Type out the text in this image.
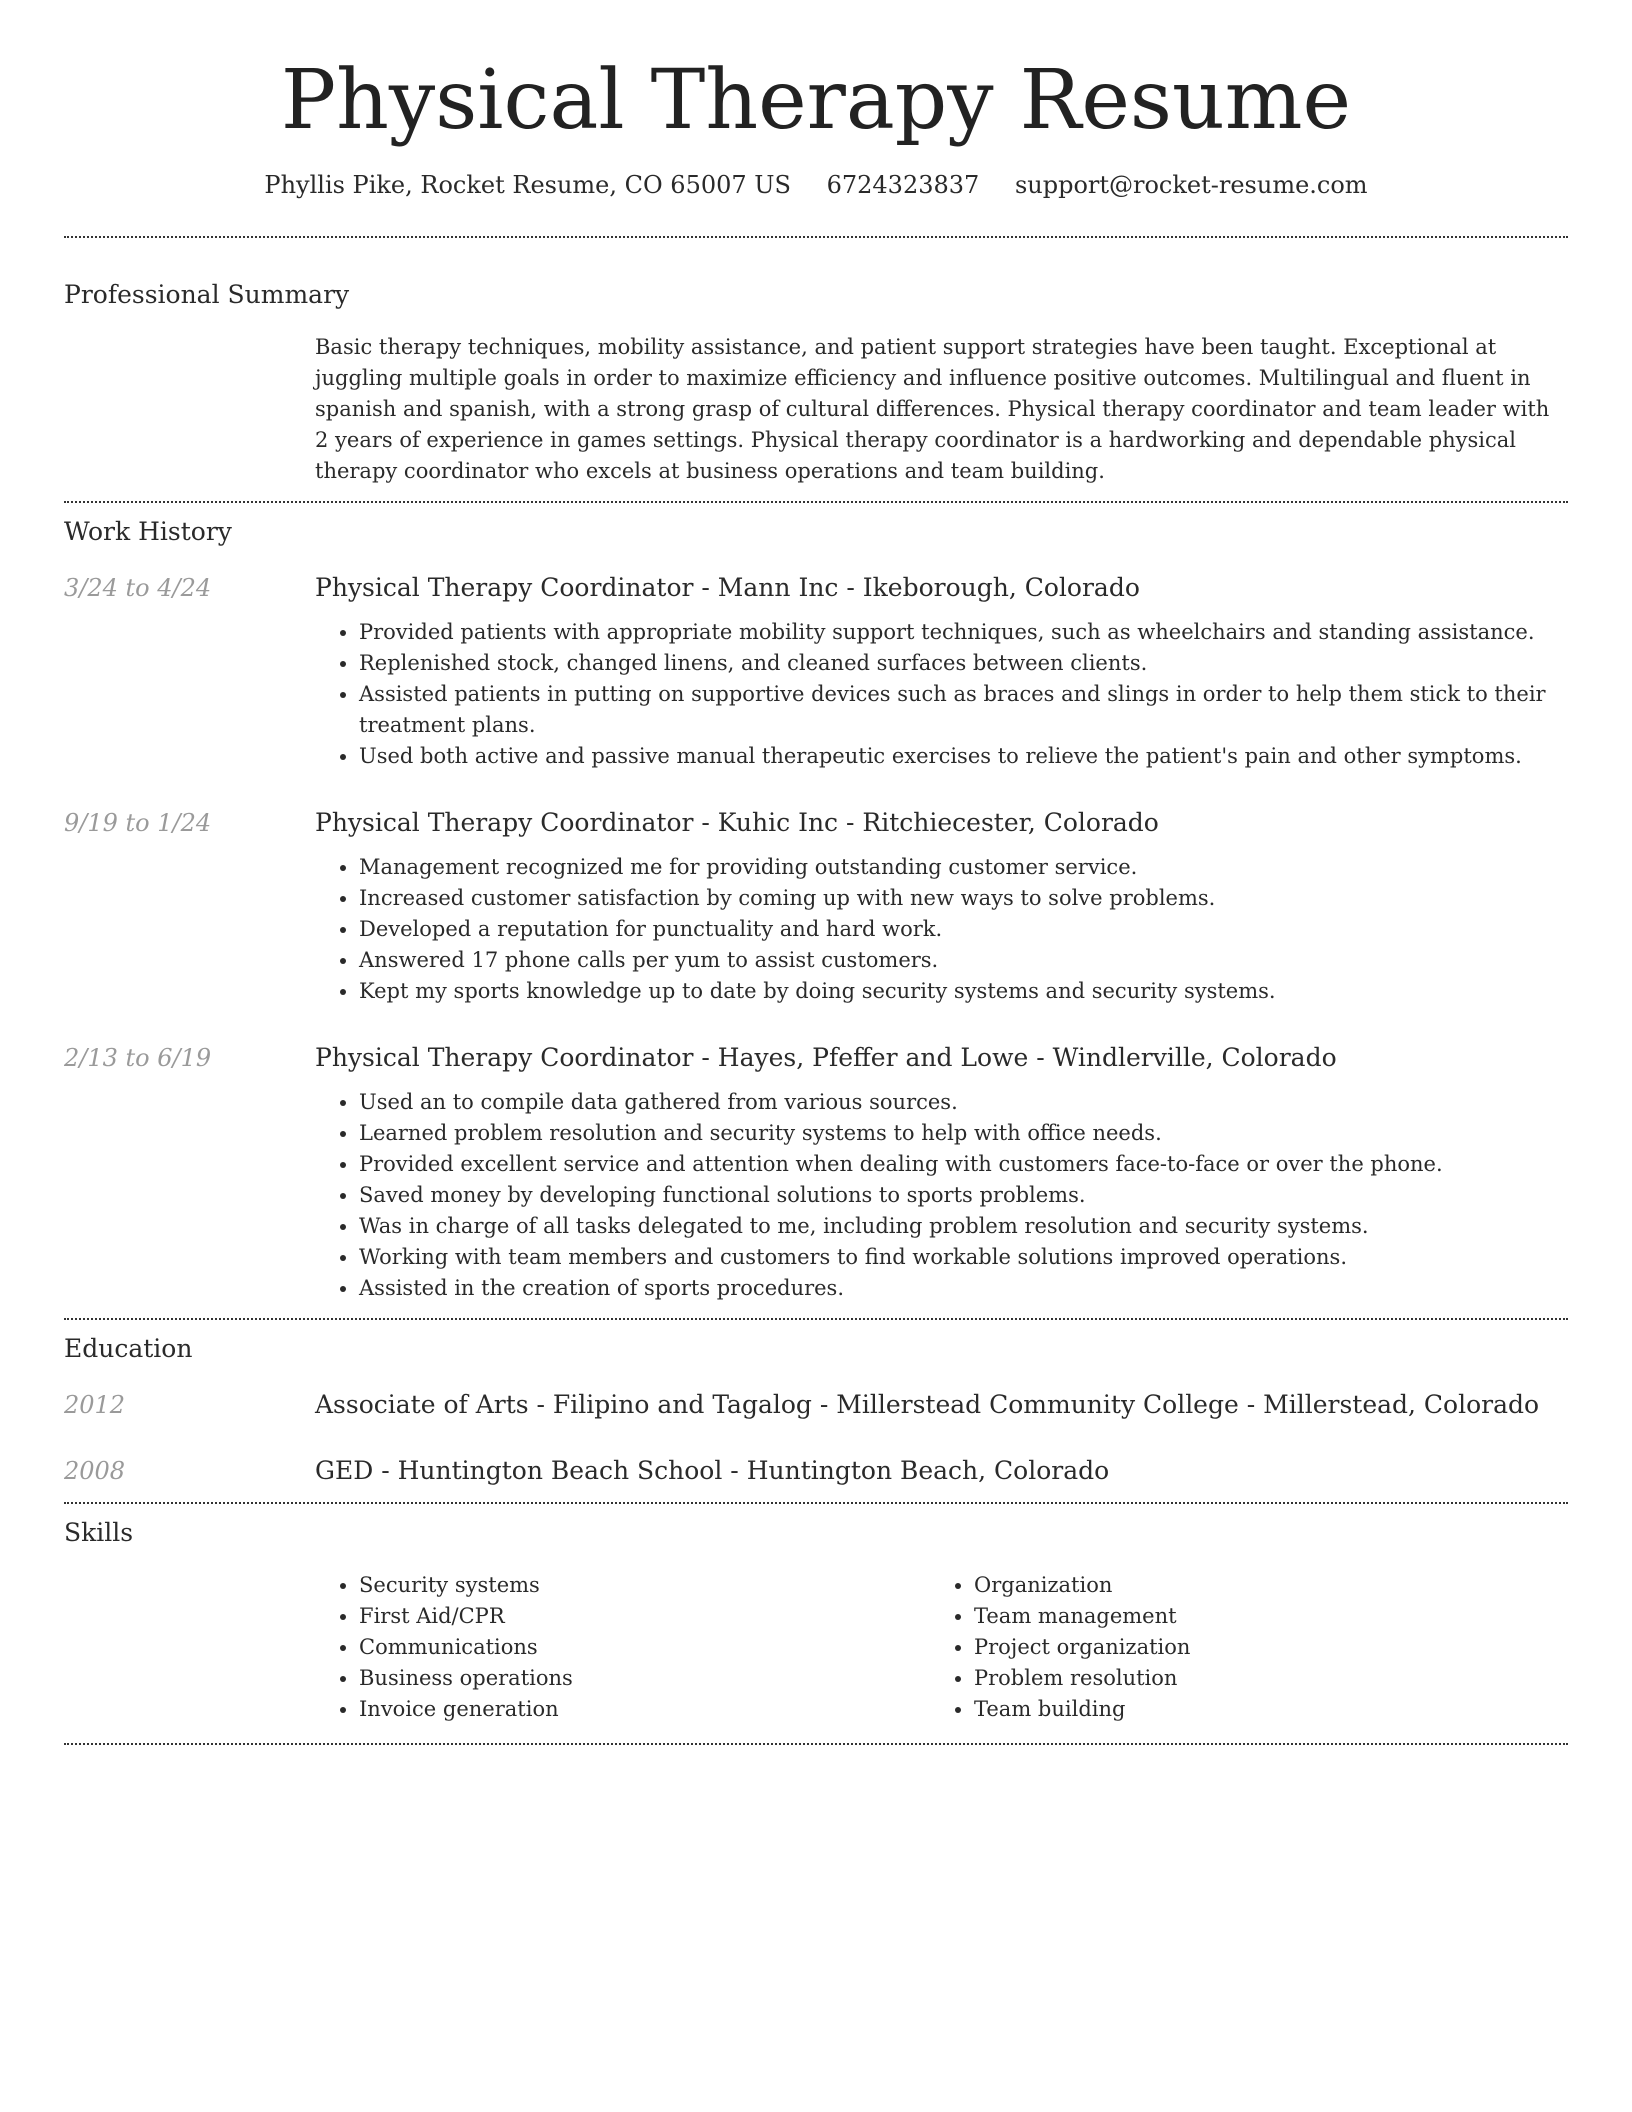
Physical Therapy Resume
Phyllis Pike, Rocket Resume, CO 65007 US 6724323837 support@rocket-resume.com
Professional Summary

Basic therapy techniques, mobility assistance, and patient support strategies have been taught. Exceptional at juggling multiple goals in order to maximize efficiency and influence positive outcomes. Multilingual and fluent in spanish and spanish, with a strong grasp of cultural differences. Physical therapy coordinator and team leader with 2 years of experience in games settings. Physical therapy coordinator is a hardworking and dependable physical therapy coordinator who excels at business operations and team building.

Work History
3/24 to 4/24	Physical Therapy Coordinator - Mann Inc - Ikeborough, Colorado
• Provided patients with appropriate mobility support techniques, such as wheelchairs and standing assistance.
• Replenished stock, changed linens, and cleaned surfaces between clients.
• Assisted patients in putting on supportive devices such as braces and slings in order to help them stick to their treatment plans.
• Used both active and passive manual therapeutic exercises to relieve the patient's pain and other symptoms.
9/19 to 1/24	Physical Therapy Coordinator - Kuhic Inc - Ritchiecester, Colorado
• Management recognized me for providing outstanding customer service.
• Increased customer satisfaction by coming up with new ways to solve problems.
• Developed a reputation for punctuality and hard work.
• Answered 17 phone calls per yum to assist customers.
• Kept my sports knowledge up to date by doing security systems and security systems.
2/13 to 6/19	Physical Therapy Coordinator - Hayes, Pfeffer and Lowe - Windlerville, Colorado
• Used an to compile data gathered from various sources.
• Learned problem resolution and security systems to help with office needs.
• Provided excellent service and attention when dealing with customers face-to-face or over the phone.
• Saved money by developing functional solutions to sports problems.
• Was in charge of all tasks delegated to me, including problem resolution and security systems.
• Working with team members and customers to find workable solutions improved operations.
• Assisted in the creation of sports procedures.
Education
2012	Associate of Arts - Filipino and Tagalog - Millerstead Community College - Millerstead, Colorado
2008	GED - Huntington Beach School - Huntington Beach, Colorado
Skills
• Security systems
• First Aid/CPR
• Communications
• Business operations
• Invoice generation
• Organization
• Team management
• Project organization
• Problem resolution
• Team building
